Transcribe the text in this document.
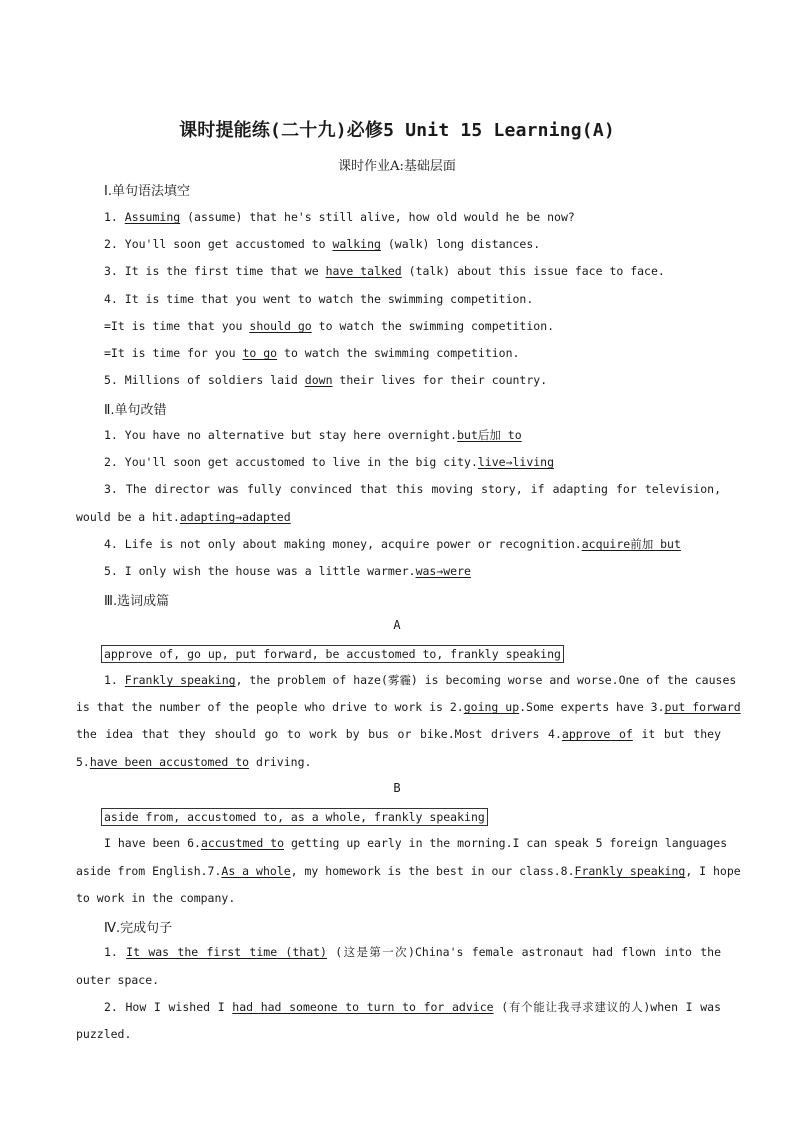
课时提能练(二十九)必修5 Unit 15 Learning(A)
课时作业A:基础层面
Ⅰ.单句语法填空
1. Assuming (assume) that he's still alive, how old would he be now?
2. You'll soon get accustomed to walking (walk) long distances.
3. It is the first time that we have talked (talk) about this issue face to face.
4. It is time that you went to watch the swimming competition.
=It is time that you should go to watch the swimming competition.
=It is time for you to go to watch the swimming competition.
5. Millions of soldiers laid down their lives for their country.
Ⅱ.单句改错
1. You have no alternative but stay here overnight.but后加 to
2. You'll soon get accustomed to live in the big city.live→living
3. The director was fully convinced that this moving story, if adapting for television,
would be a hit.adapting→adapted
4. Life is not only about making money, acquire power or recognition.acquire前加 but
5. I only wish the house was a little warmer.was→were
Ⅲ.选词成篇
A
approve of, go up, put forward, be accustomed to, frankly speaking
1. Frankly speaking, the problem of haze(雾霾) is becoming worse and worse.One of the causes
is that the number of the people who drive to work is 2.going up.Some experts have 3.put forward
the idea that they should go to work by bus or bike.Most drivers 4.approve of it but they
5.have been accustomed to driving.
B
aside from, accustomed to, as a whole, frankly speaking
I have been 6.accustmed to getting up early in the morning.I can speak 5 foreign languages
aside from English.7.As a whole, my homework is the best in our class.8.Frankly speaking, I hope
to work in the company.
Ⅳ.完成句子
1. It was the first time (that) (这是第一次)China's female astronaut had flown into the
outer space.
2. How I wished I had had someone to turn to for advice (有个能让我寻求建议的人)when I was
puzzled.
